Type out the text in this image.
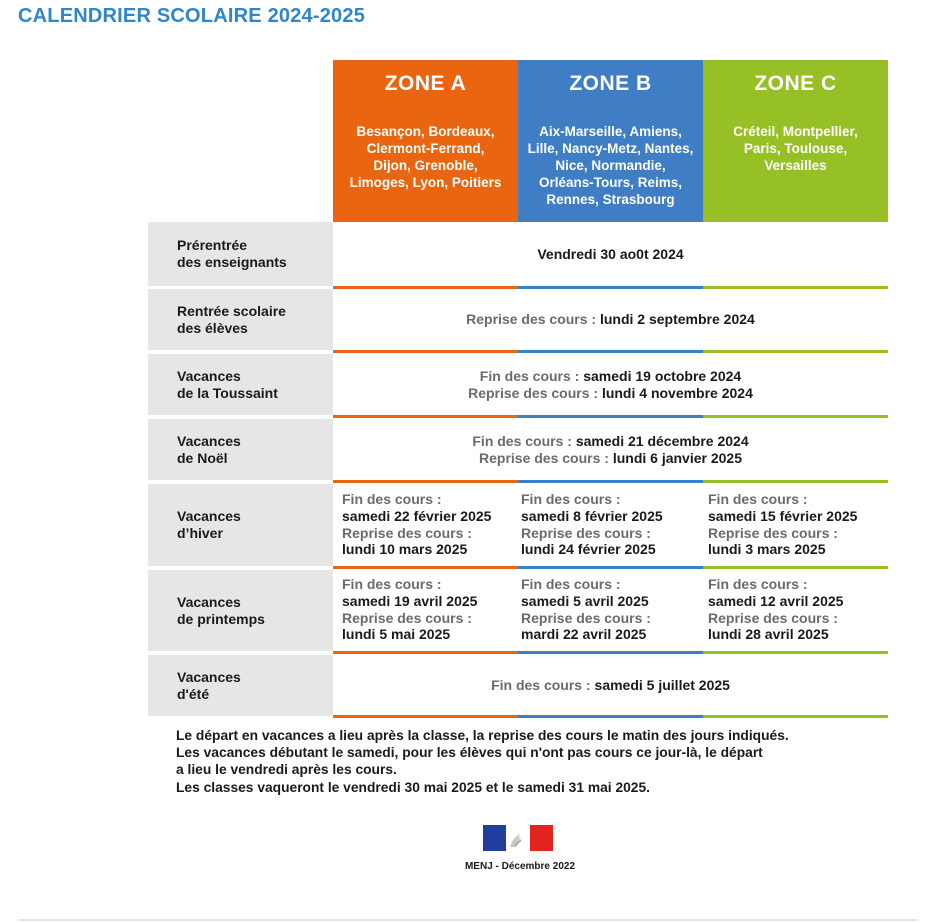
CALENDRIER SCOLAIRE 2024-2025
ZONE A	ZONE B	ZONE C
Besançon, Bordeaux,
Clermont-Ferrand,
Dijon, Grenoble,
Limoges, Lyon, Poitiers
Aix-Marseille, Amiens,
Lille, Nancy-Metz, Nantes,
Nice, Normandie,
Orléans-Tours, Reims,
Rennes, Strasbourg
Créteil, Montpellier,
Paris, Toulouse,
Versailles
Prérentrée
des enseignants
Vendredi 30 ao0t 2024
Rentrée scolaire
des élèves
Reprise des cours : lundi 2 septembre 2024
Vacances
de la Toussaint
Fin des cours : samedi 19 octobre 2024
Reprise des cours : lundi 4 novembre 2024
Vacances
de Noël
Fin des cours : samedi 21 décembre 2024
Reprise des cours : lundi 6 janvier 2025
Vacances
d’hiver
Fin des cours :
samedi 22 février 2025
Reprise des cours :
lundi 10 mars 2025
Fin des cours :
samedi 8 février 2025
Reprise des cours :
lundi 24 février 2025
Fin des cours :
samedi 15 février 2025
Reprise des cours :
lundi 3 mars 2025
Vacances
de printemps
Fin des cours :
samedi 19 avril 2025
Reprise des cours :
lundi 5 mai 2025
Fin des cours :
samedi 5 avril 2025
Reprise des cours :
mardi 22 avril 2025
Fin des cours :
samedi 12 avril 2025
Reprise des cours :
lundi 28 avril 2025
Vacances
d'été
Fin des cours : samedi 5 juillet 2025
Le départ en vacances a lieu après la classe, la reprise des cours le matin des jours indiqués.
Les vacances débutant le samedi, pour les élèves qui n'ont pas cours ce jour-là, le départ
a lieu le vendredi après les cours.
Les classes vaqueront le vendredi 30 mai 2025 et le samedi 31 mai 2025.
MENJ - Décembre 2022
